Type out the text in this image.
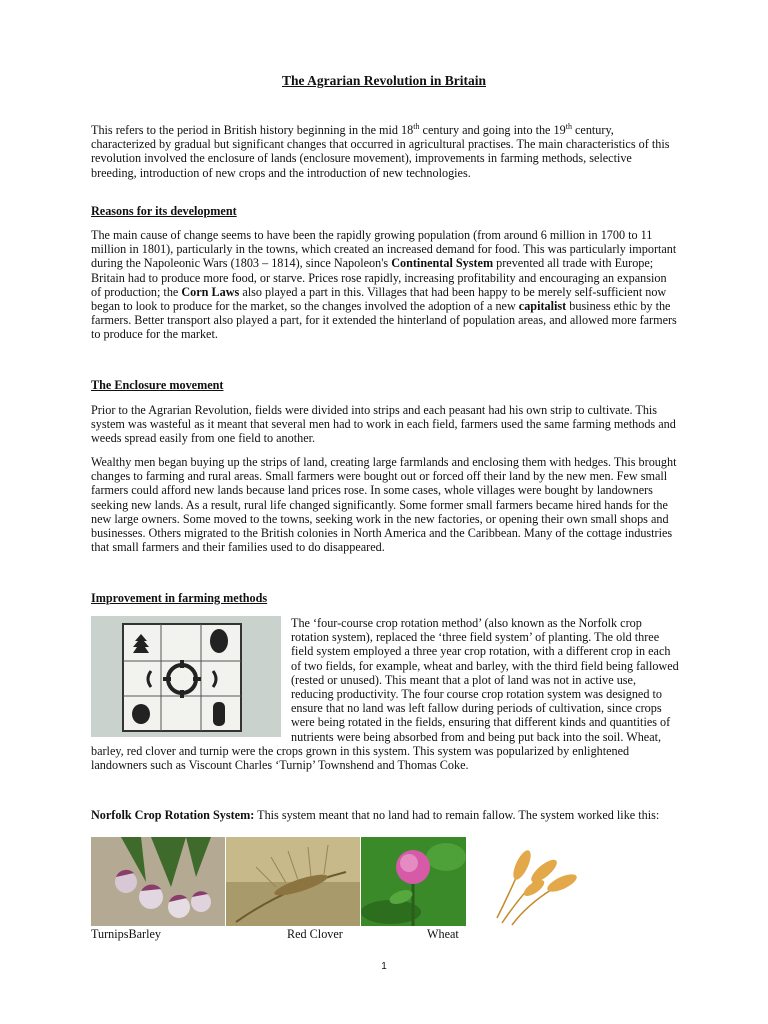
The Agrarian Revolution in Britain

This refers to the period in British history beginning in the mid 18th century and going into the 19th century, characterized by gradual but significant changes that occurred in agricultural practises. The main characteristics of this revolution involved the enclosure of lands (enclosure movement), improvements in farming methods, selective breeding, introduction of new crops and the introduction of new technologies.

Reasons for its development

The main cause of change seems to have been the rapidly growing population (from around 6 million in 1700 to 11 million in 1801), particularly in the towns, which created an increased demand for food. This was particularly important during the Napoleonic Wars (1803 – 1814), since Napoleon's Continental System prevented all trade with Europe; Britain had to produce more food, or starve. Prices rose rapidly, increasing profitability and encouraging an expansion of production; the Corn Laws also played a part in this. Villages that had been happy to be merely self-sufficient now began to look to produce for the market, so the changes involved the adoption of a new capitalist business ethic by the farmers. Better transport also played a part, for it extended the hinterland of population areas, and allowed more farmers to produce for the market.

The Enclosure movement

Prior to the Agrarian Revolution, fields were divided into strips and each peasant had his own strip to cultivate. This system was wasteful as it meant that several men had to work in each field, farmers used the same farming methods and weeds spread easily from one field to another.

Wealthy men began buying up the strips of land, creating large farmlands and enclosing them with hedges. This brought changes to farming and rural areas. Small farmers were bought out or forced off their land by the new men. Few small farmers could afford new lands because land prices rose. In some cases, whole villages were bought by landowners seeking new lands. As a result, rural life changed significantly. Some former small farmers became hired hands for the new large owners. Some moved to the towns, seeking work in the new factories, or opening their own small shops and businesses. Others migrated to the British colonies in North America and the Caribbean. Many of the cottage industries that small farmers and their families used to do disappeared.

Improvement in farming methods

The ‘four-course crop rotation method’ (also known as the Norfolk crop rotation system), replaced the ‘three field system’ of planting. The old three field system employed a three year crop rotation, with a different crop in each of two fields, for example, wheat and barley, with the third field being fallowed (rested or unused). This meant that a plot of land was not in active use, reducing productivity. The four course crop rotation system was designed to ensure that no land was left fallow during periods of cultivation, since crops were being rotated in the fields, ensuring that different kinds and quantities of nutrients were being absorbed from and being put back into the soil. Wheat, barley, red clover and turnip were the crops grown in this system. This system was popularized by enlightened landowners such as Viscount Charles ‘Turnip’ Townshend and Thomas Coke.

Norfolk Crop Rotation System: This system meant that no land had to remain fallow. The system worked like this:

TurnipsBarley	Red Clover	Wheat
1
